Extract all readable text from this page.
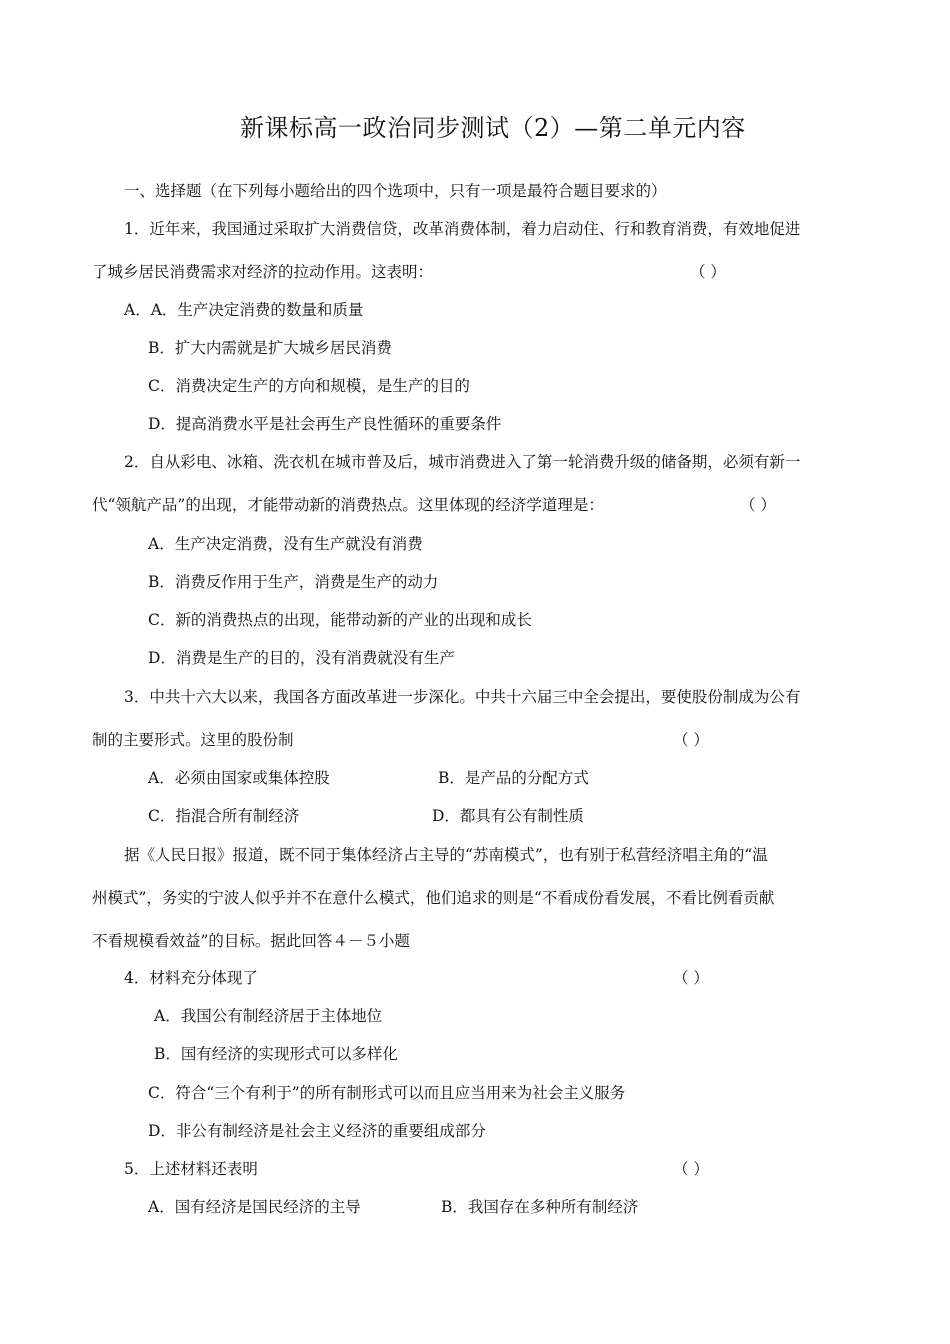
新课标高一政治同步测试（2）—第二单元内容
一、选择题（在下列每小题给出的四个选项中，只有一项是最符合题目要求的）
1．近年来，我国通过采取扩大消费信贷，改革消费体制，着力启动住、行和教育消费，有效地促进
了城乡居民消费需求对经济的拉动作用。这表明：	（ ）
A．A．生产决定消费的数量和质量
B．扩大内需就是扩大城乡居民消费
C．消费决定生产的方向和规模，是生产的目的
D．提高消费水平是社会再生产良性循环的重要条件
2．自从彩电、冰箱、洗衣机在城市普及后，城市消费进入了第一轮消费升级的储备期，必须有新一
代“领航产品”的出现，才能带动新的消费热点。这里体现的经济学道理是：	（ ）
A．生产决定消费，没有生产就没有消费
B．消费反作用于生产，消费是生产的动力
C．新的消费热点的出现，能带动新的产业的出现和成长
D．消费是生产的目的，没有消费就没有生产
3．中共十六大以来，我国各方面改革进一步深化。中共十六届三中全会提出，要使股份制成为公有
制的主要形式。这里的股份制	（ ）
A．必须由国家或集体控股	B．是产品的分配方式
C．指混合所有制经济	D．都具有公有制性质
据《人民日报》报道，既不同于集体经济占主导的“苏南模式”，也有别于私营经济唱主角的“温
州模式”，务实的宁波人似乎并不在意什么模式，他们追求的则是“不看成份看发展，不看比例看贡献
不看规模看效益”的目标。据此回答４－５小题
4．材料充分体现了	（ ）
A．我国公有制经济居于主体地位
B．国有经济的实现形式可以多样化
C．符合“三个有利于”的所有制形式可以而且应当用来为社会主义服务
D．非公有制经济是社会主义经济的重要组成部分
5．上述材料还表明	（ ）
A．国有经济是国民经济的主导	B．我国存在多种所有制经济
